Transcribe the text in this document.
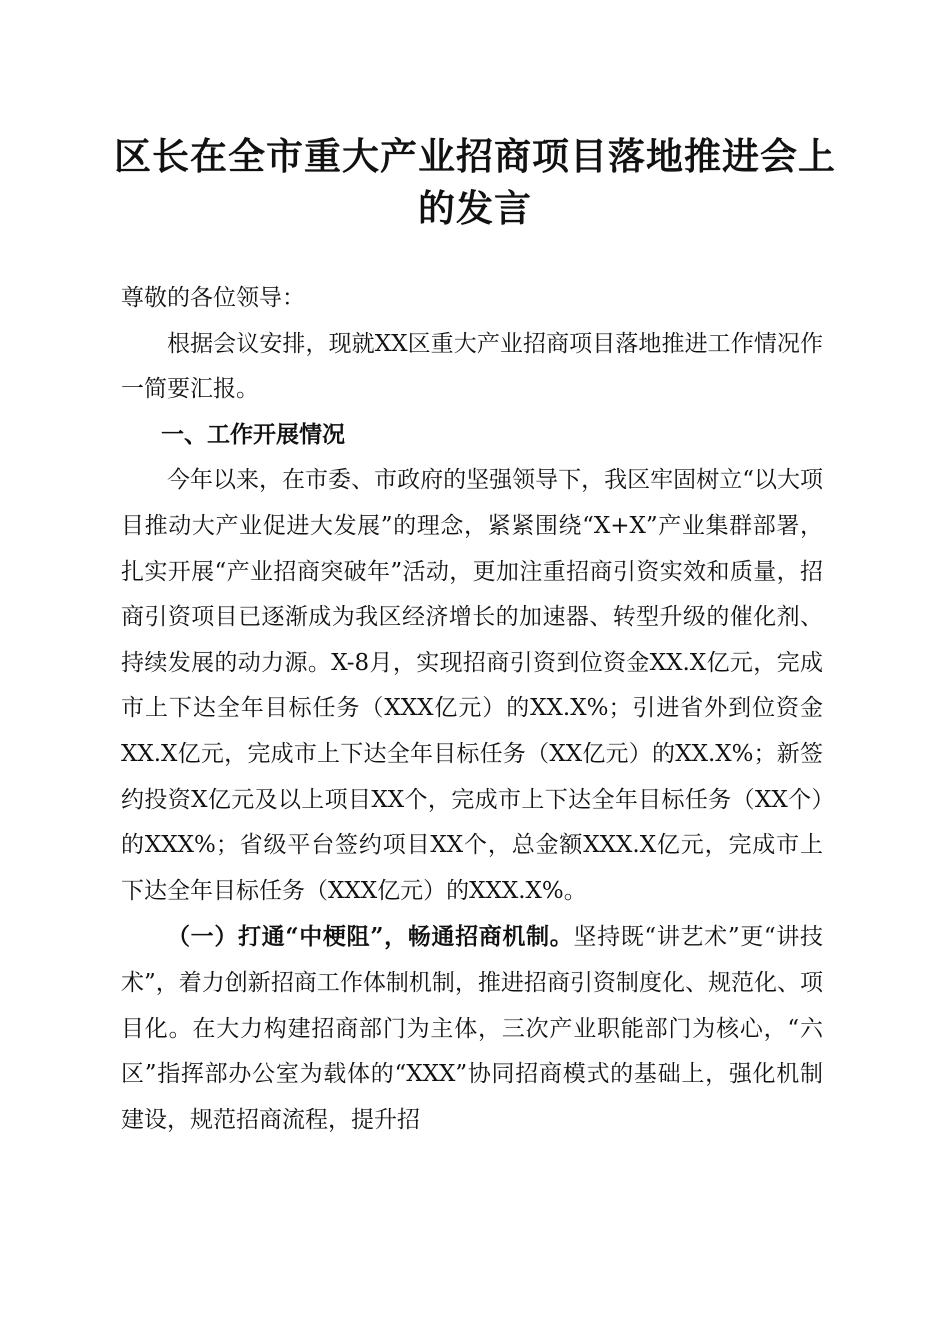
区长在全市重大产业招商项目落地推进会上的发言

尊敬的各位领导：

根据会议安排，现就XX区重大产业招商项目落地推进工作情况作一简要汇报。

一、工作开展情况

今年以来，在市委、市政府的坚强领导下，我区牢固树立“以大项目推动大产业促进大发展”的理念，紧紧围绕“X+X”产业集群部署，扎实开展“产业招商突破年”活动，更加注重招商引资实效和质量，招商引资项目已逐渐成为我区经济增长的加速器、转型升级的催化剂、持续发展的动力源。X-8月，实现招商引资到位资金XX.X亿元，完成市上下达全年目标任务（XXX亿元）的XX.X%；引进省外到位资金XX.X亿元，完成市上下达全年目标任务（XX亿元）的XX.X%；新签约投资X亿元及以上项目XX个，完成市上下达全年目标任务（XX个）的XXX%；省级平台签约项目XX个，总金额XXX.X亿元，完成市上下达全年目标任务（XXX亿元）的XXX.X%。

（一）打通“中梗阻”，畅通招商机制。坚持既“讲艺术”更“讲技术”，着力创新招商工作体制机制，推进招商引资制度化、规范化、项目化。在大力构建招商部门为主体，三次产业职能部门为核心，“六区”指挥部办公室为载体的“XXX”协同招商模式的基础上，强化机制建设，规范招商流程，提升招
